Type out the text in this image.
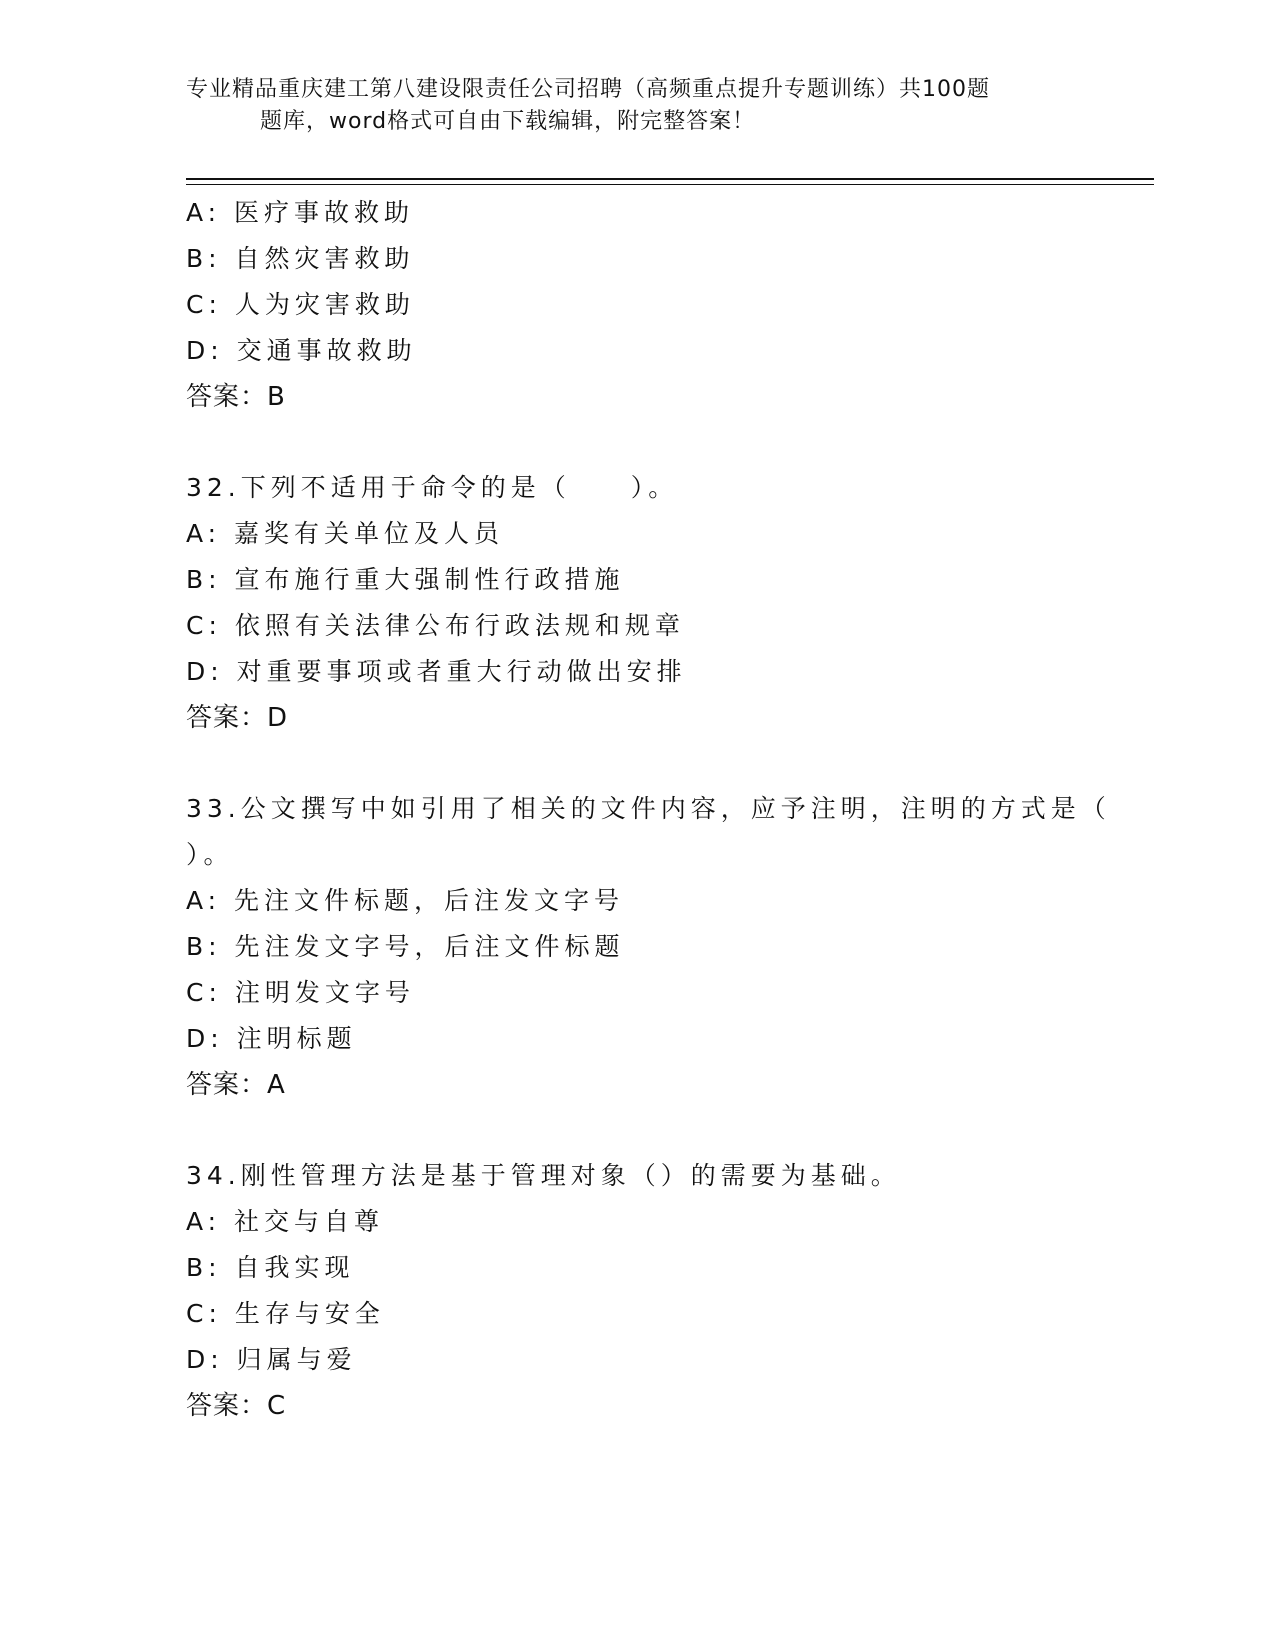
专业精品重庆建工第八建设限责任公司招聘（高频重点提升专题训练）共100题
题库，word格式可自由下载编辑，附完整答案！
A: 医疗事故救助
B: 自然灾害救助
C: 人为灾害救助
D: 交通事故救助
答案：B
32.下列不适用于命令的是（　　）。
A: 嘉奖有关单位及人员
B: 宣布施行重大强制性行政措施
C: 依照有关法律公布行政法规和规章
D: 对重要事项或者重大行动做出安排
答案：D
33.公文撰写中如引用了相关的文件内容，应予注明，注明的方式是（
）。
A: 先注文件标题，后注发文字号
B: 先注发文字号，后注文件标题
C: 注明发文字号
D: 注明标题
答案：A
34.刚性管理方法是基于管理对象（）的需要为基础。
A: 社交与自尊
B: 自我实现
C: 生存与安全
D: 归属与爱
答案：C
